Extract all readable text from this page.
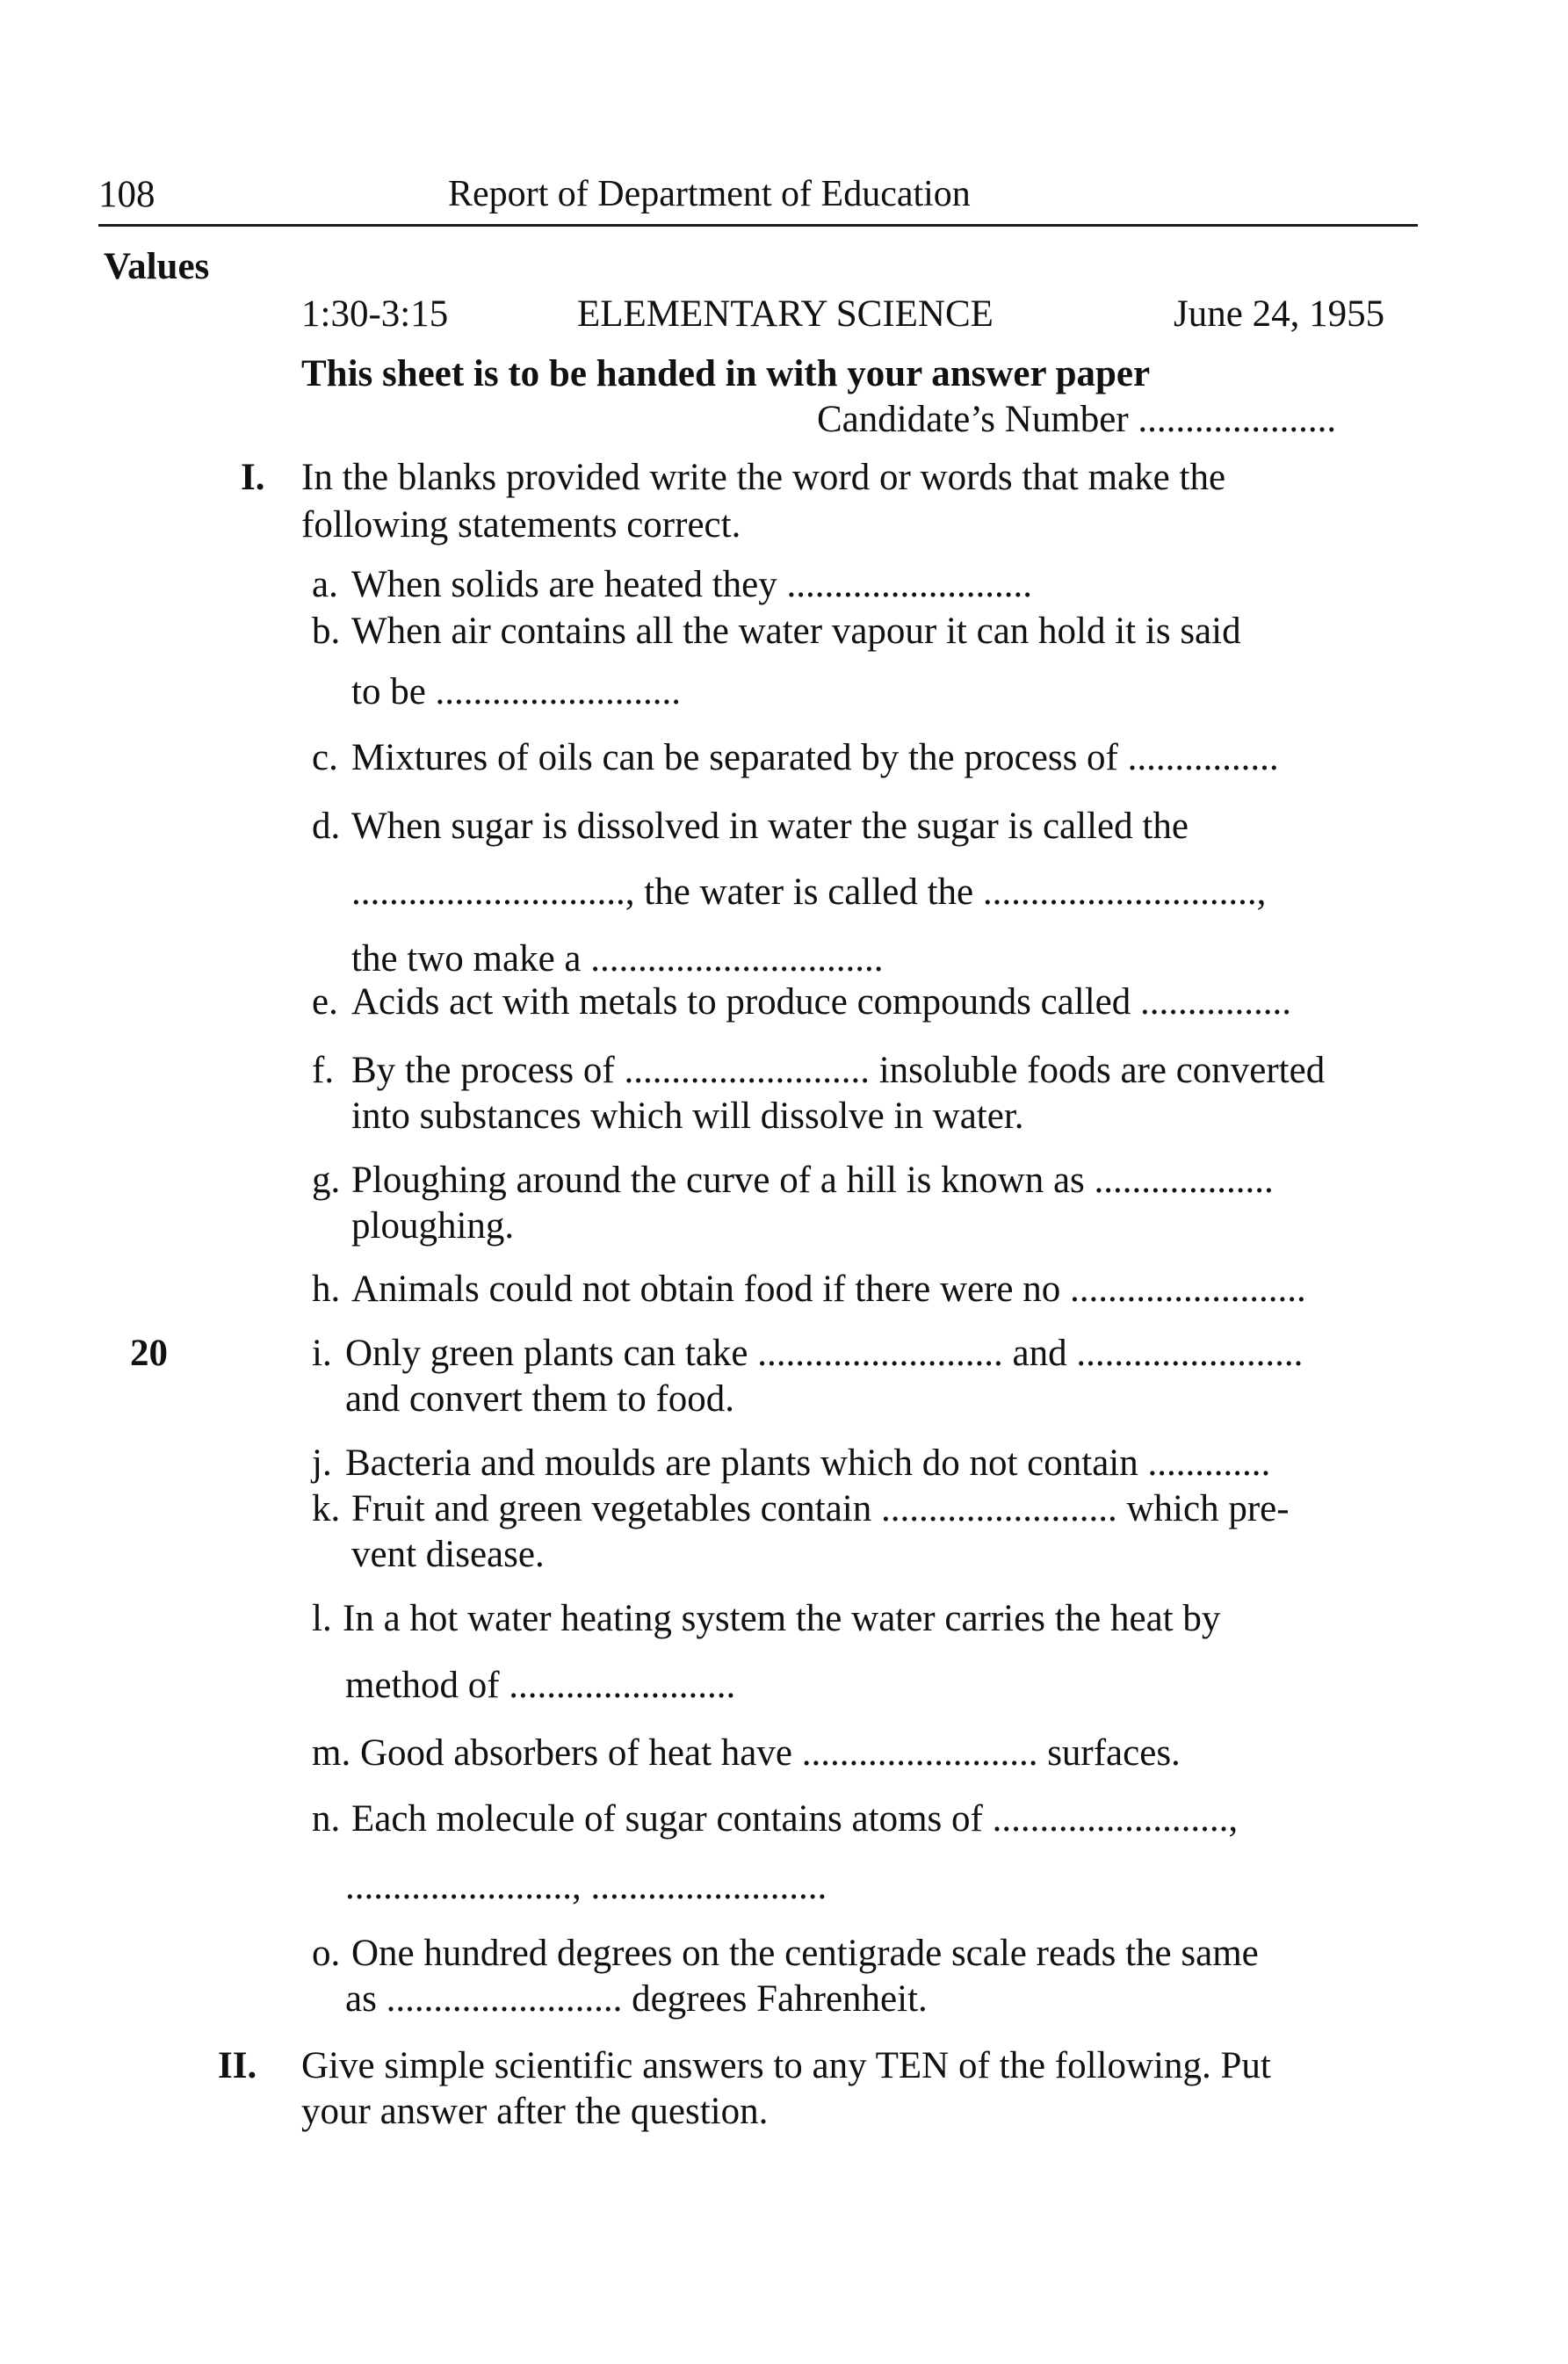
108	Report of Department of Education
Values
20
1:30-3:15	ELEMENTARY SCIENCE	June 24, 1955
This sheet is to be handed in with your answer paper
Candidate’s Number .....................
I. In the blanks provided write the word or words that make the
following statements correct.
a. When solids are heated they ..........................
b. When air contains all the water vapour it can hold it is said
to be ..........................
c. Mixtures of oils can be separated by the process of ................
d. When sugar is dissolved in water the sugar is called the
............................., the water is called the .............................,
the two make a ...............................
e. Acids act with metals to produce compounds called ................
f. By the process of .......................... insoluble foods are converted
into substances which will dissolve in water.
g. Ploughing around the curve of a hill is known as ...................
ploughing.
h. Animals could not obtain food if there were no .........................
i. Only green plants can take .......................... and ........................
and convert them to food.
j. Bacteria and moulds are plants which do not contain .............
k. Fruit and green vegetables contain ......................... which pre-
vent disease.
l. In a hot water heating system the water carries the heat by
method of ........................
m. Good absorbers of heat have ......................... surfaces.
n. Each molecule of sugar contains atoms of .........................,
........................, .........................
o. One hundred degrees on the centigrade scale reads the same
as ......................... degrees Fahrenheit.
II. Give simple scientific answers to any TEN of the following. Put
your answer after the question.
